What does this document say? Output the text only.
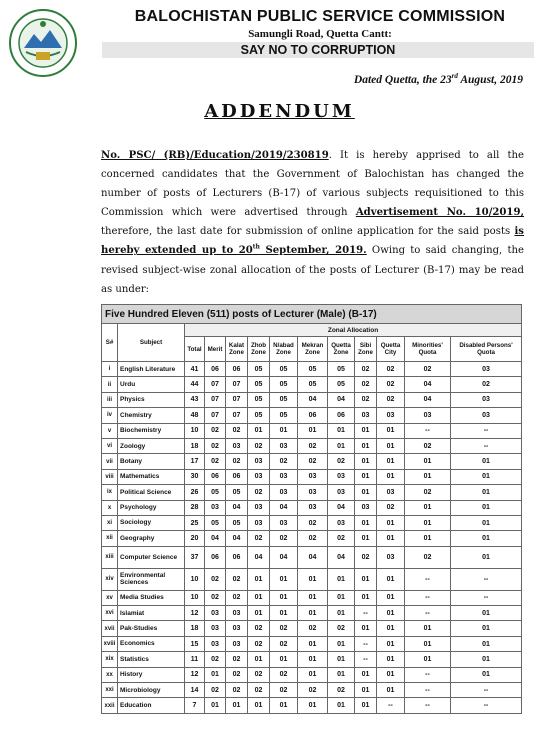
BALOCHISTAN PUBLIC SERVICE COMMISSION
Samungli Road, Quetta Cantt:
SAY NO TO CORRUPTION
Dated Quetta, the 23rd August, 2019
ADDENDUM
No. PSC/ (RB)/Education/2019/230819. It is hereby apprised to all the concerned candidates that the Government of Balochistan has changed the number of posts of Lecturers (B-17) of various subjects requisitioned to this Commission which were advertised through Advertisement No. 10/2019, therefore, the last date for submission of online application for the said posts is hereby extended up to 20th September, 2019. Owing to said changing, the revised subject-wise zonal allocation of the posts of Lecturer (B-17) may be read as under:
Five Hundred Eleven (511) posts of Lecturer (Male) (B-17)												
S#	Subject	Zonal Allocation										
		Total	Merit	Kalat Zone	Zhob Zone	N/abad Zone	Mekran Zone	Quetta Zone	Sibi Zone	Quetta City	Minorities' Quota	Disabled Persons' Quota
i	English Literature	41	06	06	05	05	05	05	02	02	02	03
ii	Urdu	44	07	07	05	05	05	05	02	02	04	02
iii	Physics	43	07	07	05	05	04	04	02	02	04	03
iv	Chemistry	48	07	07	05	05	06	06	03	03	03	03
v	Biochemistry	10	02	02	01	01	01	01	01	01	--	--
vi	Zoology	18	02	03	02	03	02	01	01	01	02	--
vii	Botany	17	02	02	03	02	02	02	01	01	01	01
viii	Mathematics	30	06	06	03	03	03	03	01	01	01	01
ix	Political Science	26	05	05	02	03	03	03	01	03	02	01
x	Psychology	28	03	04	03	04	03	04	03	02	01	01
xi	Sociology	25	05	05	03	03	02	03	01	01	01	01
xii	Geography	20	04	04	02	02	02	02	01	01	01	01
xiii	Computer Science	37	06	06	04	04	04	04	02	03	02	01
xiv	Environmental Sciences	10	02	02	01	01	01	01	01	01	--	--
xv	Media Studies	10	02	02	01	01	01	01	01	01	--	--
xvi	Islamiat	12	03	03	01	01	01	01	--	01	--	01
xvii	Pak-Studies	18	03	03	02	02	02	02	01	01	01	01
xviii	Economics	15	03	03	02	02	01	01	--	01	01	01
xix	Statistics	11	02	02	01	01	01	01	--	01	01	01
xx	History	12	01	02	02	02	01	01	01	01	--	01
xxi	Microbiology	14	02	02	02	02	02	02	01	01	--	--
xxii	Education	7	01	01	01	01	01	01	01	--	--	--
